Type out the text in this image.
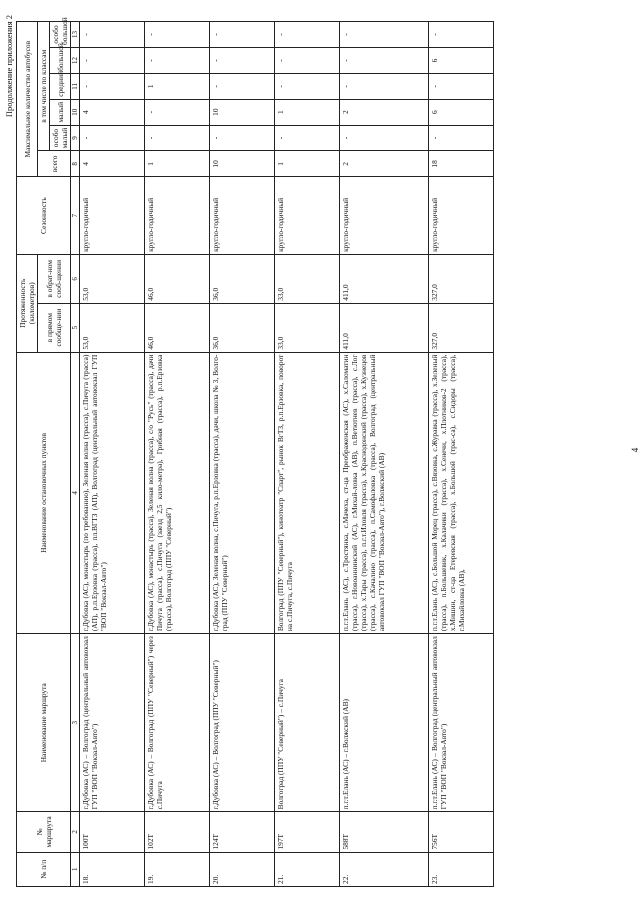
4
Продолжение приложения 2
№ п/п	№ маршрута	Наименование маршрута	Наименование остановочных пунктов	Протяженность (километров)		Сезонность	Максимальное количество автобусов					
				в прямом сообще-нии	в обрат-ном сооб-щении		всего	в том числе по классам				
								особо малый	малый	средний	большой	особо большой
1	2	3	4	5	6	7	8	9	10	11	12	13
18.	100Т	г.Дубовка (АС) – Волгоград (центральный автовокзал ГУП "ВОП "Вокзал-Авто")	г.Дубовка (АС), монастырь (по требованию), Зеленая волна (трасса), с.Пичуга (трасса) (АП), р.п.Ерзовка (трасса), пл.ВГТЗ (АП), Волгоград (центральный автовокзал ГУП "ВОП "Вокзал-Авто")	53,0	53,0	кругло-годичный	4	-	4	-	-	-
19.	102Т	г.Дубовка (АС) – Волгоград (ППУ "Северный") через с.Пичуга	г.Дубовка (АС), монастырь (трасса), Зеленая волна (трасса), с/о "Русь" (трасса), дачи Пичуга (трасса), с.Пичуга (заезд 2,5 кило-метра), Грибная (трасса), р.п.Ерзовка (трасса), Волгоград (ППУ "Северный")	46,0	46,0	кругло-годичный	1	-	-	1	-	-
20.	124Т	г.Дубовка (АС) – Волгоград (ППУ "Северный")	г.Дубовка (АС), Зеленая волна, с.Пичуга, р.п.Ерзовка (трасса), дачи, школа № 3, Волго-град (ППУ "Северный")	36,0	36,0	кругло-годичный	10	-	10	-	-	-
21.	197Т	Волгоград (ППУ "Северный") – с.Пичуга	Волгоград (ППУ "Северный"), кинотеатр "Спарт", рынок ВгТЗ, р.п.Ерзовка, поворот на с.Пичуга, с.Пичуга	33,0	33,0	кругло-годичный	1	-	1	-	-	-
22.	588Т	п.г.т.Елань (АС) – г.Волжский (АВ)	п.г.т.Елань (АС), с.Тростянка, с.Мачеха, ст-ца Преображенская (АС), х.Саломатин (трасса), г.Новоаннинский (АС), г.Михай-ловка (АВ), п.Ветютнев (трасса), с.Лог (трасса), х.Тары (трасса), п.г.т.Иловля (трасса), х.Краснодонский (трасса), х.Кузнецов (трасса), с.Качалино (трасса), п.Самофаловка (трасса), Волгоград (центральный автовокзал ГУП "ВОП "Вокзал-Авто"), г.Волжский (АВ)	411,0	411,0	кругло-годичный	2	-	2	-	-	-
23.	756Т	п.г.т.Елань (АС) – Волгоград (центральный автовокзал ГУП "ВОП "Вокзал-Авто")	п.г.т.Елань (АС), с.Большой Морец (трасса), с.Вязовка, с.Журавка (трасса), х.Зеленый (трасса), п.Большевик, х.Калачики (трасса), х.Сенечи, х.Плотников-2 (трасса), х.Мишин, ст-ца Етеревская (трасса), х.Большой (трас-са), с.Сидоры (трасса), г.Михайловка (АВ),	327,0	327,0	кругло-годичный	18	-	6	-	6	-
